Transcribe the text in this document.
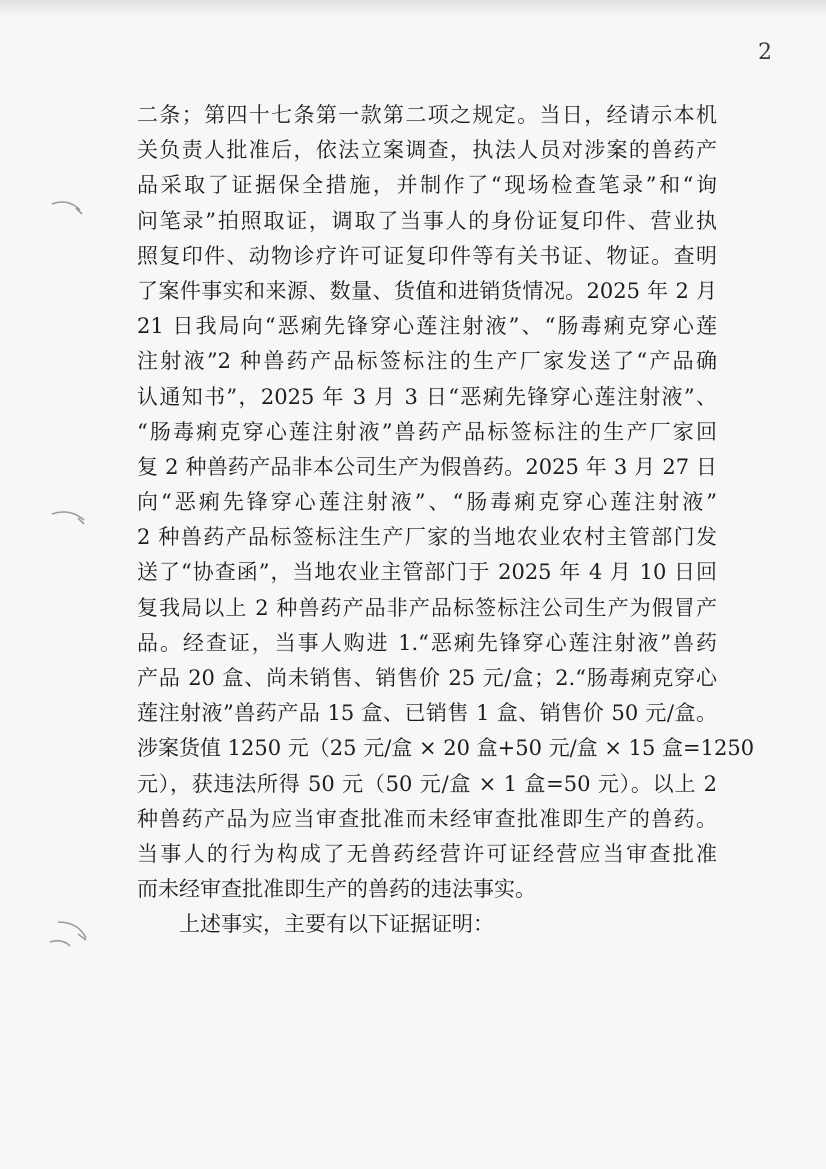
2
二条；第四十七条第一款第二项之规定。当日，经请示本机
关负责人批准后，依法立案调查，执法人员对涉案的兽药产
品采取了证据保全措施，并制作了“现场检查笔录”和“询
问笔录”拍照取证，调取了当事人的身份证复印件、营业执
照复印件、动物诊疗许可证复印件等有关书证、物证。查明
了案件事实和来源、数量、货值和进销货情况。2025 年 2 月
21 日我局向“恶痢先锋穿心莲注射液”、“肠毒痢克穿心莲
注射液”2 种兽药产品标签标注的生产厂家发送了“产品确
认通知书”，2025 年 3 月 3 日“恶痢先锋穿心莲注射液”、
“肠毒痢克穿心莲注射液”兽药产品标签标注的生产厂家回
复 2 种兽药产品非本公司生产为假兽药。2025 年 3 月 27 日
向“恶痢先锋穿心莲注射液”、“肠毒痢克穿心莲注射液”
2 种兽药产品标签标注生产厂家的当地农业农村主管部门发
送了“协查函”，当地农业主管部门于 2025 年 4 月 10 日回
复我局以上 2 种兽药产品非产品标签标注公司生产为假冒产
品。经查证，当事人购进 1.“恶痢先锋穿心莲注射液”兽药
产品 20 盒、尚未销售、销售价 25 元/盒；2.“肠毒痢克穿心
莲注射液”兽药产品 15 盒、已销售 1 盒、销售价 50 元/盒。
涉案货值 1250 元（25 元/盒 × 20 盒+50 元/盒 × 15 盒=1250
元），获违法所得 50 元（50 元/盒 × 1 盒=50 元）。以上 2
种兽药产品为应当审查批准而未经审查批准即生产的兽药。
当事人的行为构成了无兽药经营许可证经营应当审查批准
而未经审查批准即生产的兽药的违法事实。
上述事实，主要有以下证据证明：
